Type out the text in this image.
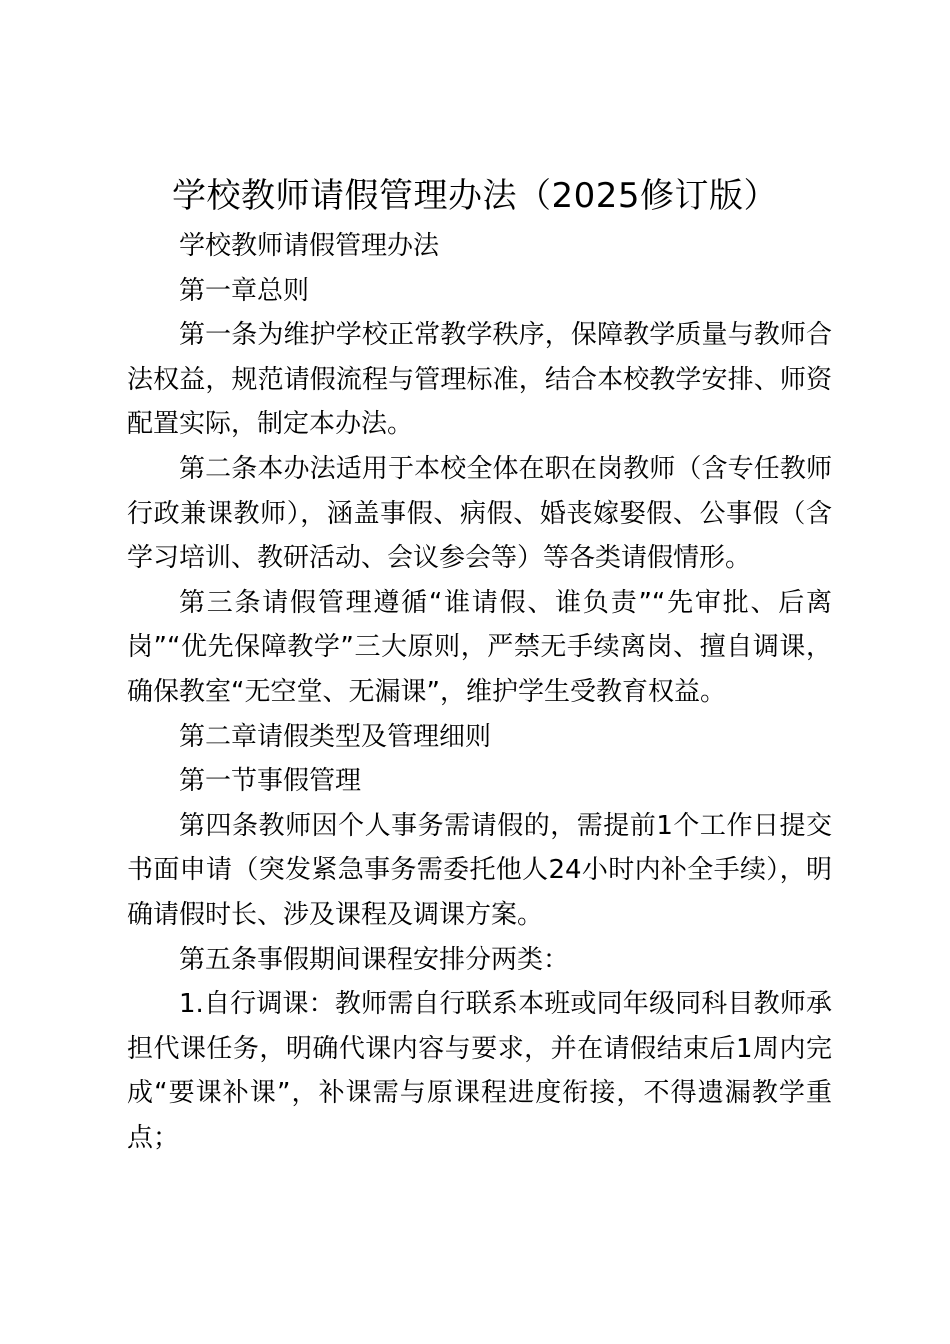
学校教师请假管理办法（2025修订版）

学校教师请假管理办法

第一章总则

第一条为维护学校正常教学秩序，保障教学质量与教师合法权益，规范请假流程与管理标准，结合本校教学安排、师资配置实际，制定本办法。

第二条本办法适用于本校全体在职在岗教师（含专任教师行政兼课教师），涵盖事假、病假、婚丧嫁娶假、公事假（含学习培训、教研活动、会议参会等）等各类请假情形。

第三条请假管理遵循“谁请假、谁负责”“先审批、后离岗”“优先保障教学”三大原则，严禁无手续离岗、擅自调课，确保教室“无空堂、无漏课”，维护学生受教育权益。

第二章请假类型及管理细则

第一节事假管理

第四条教师因个人事务需请假的，需提前1个工作日提交书面申请（突发紧急事务需委托他人24小时内补全手续），明确请假时长、涉及课程及调课方案。

第五条事假期间课程安排分两类：

1.自行调课：教师需自行联系本班或同年级同科目教师承担代课任务，明确代课内容与要求，并在请假结束后1周内完成“要课补课”，补课需与原课程进度衔接，不得遗漏教学重点；
